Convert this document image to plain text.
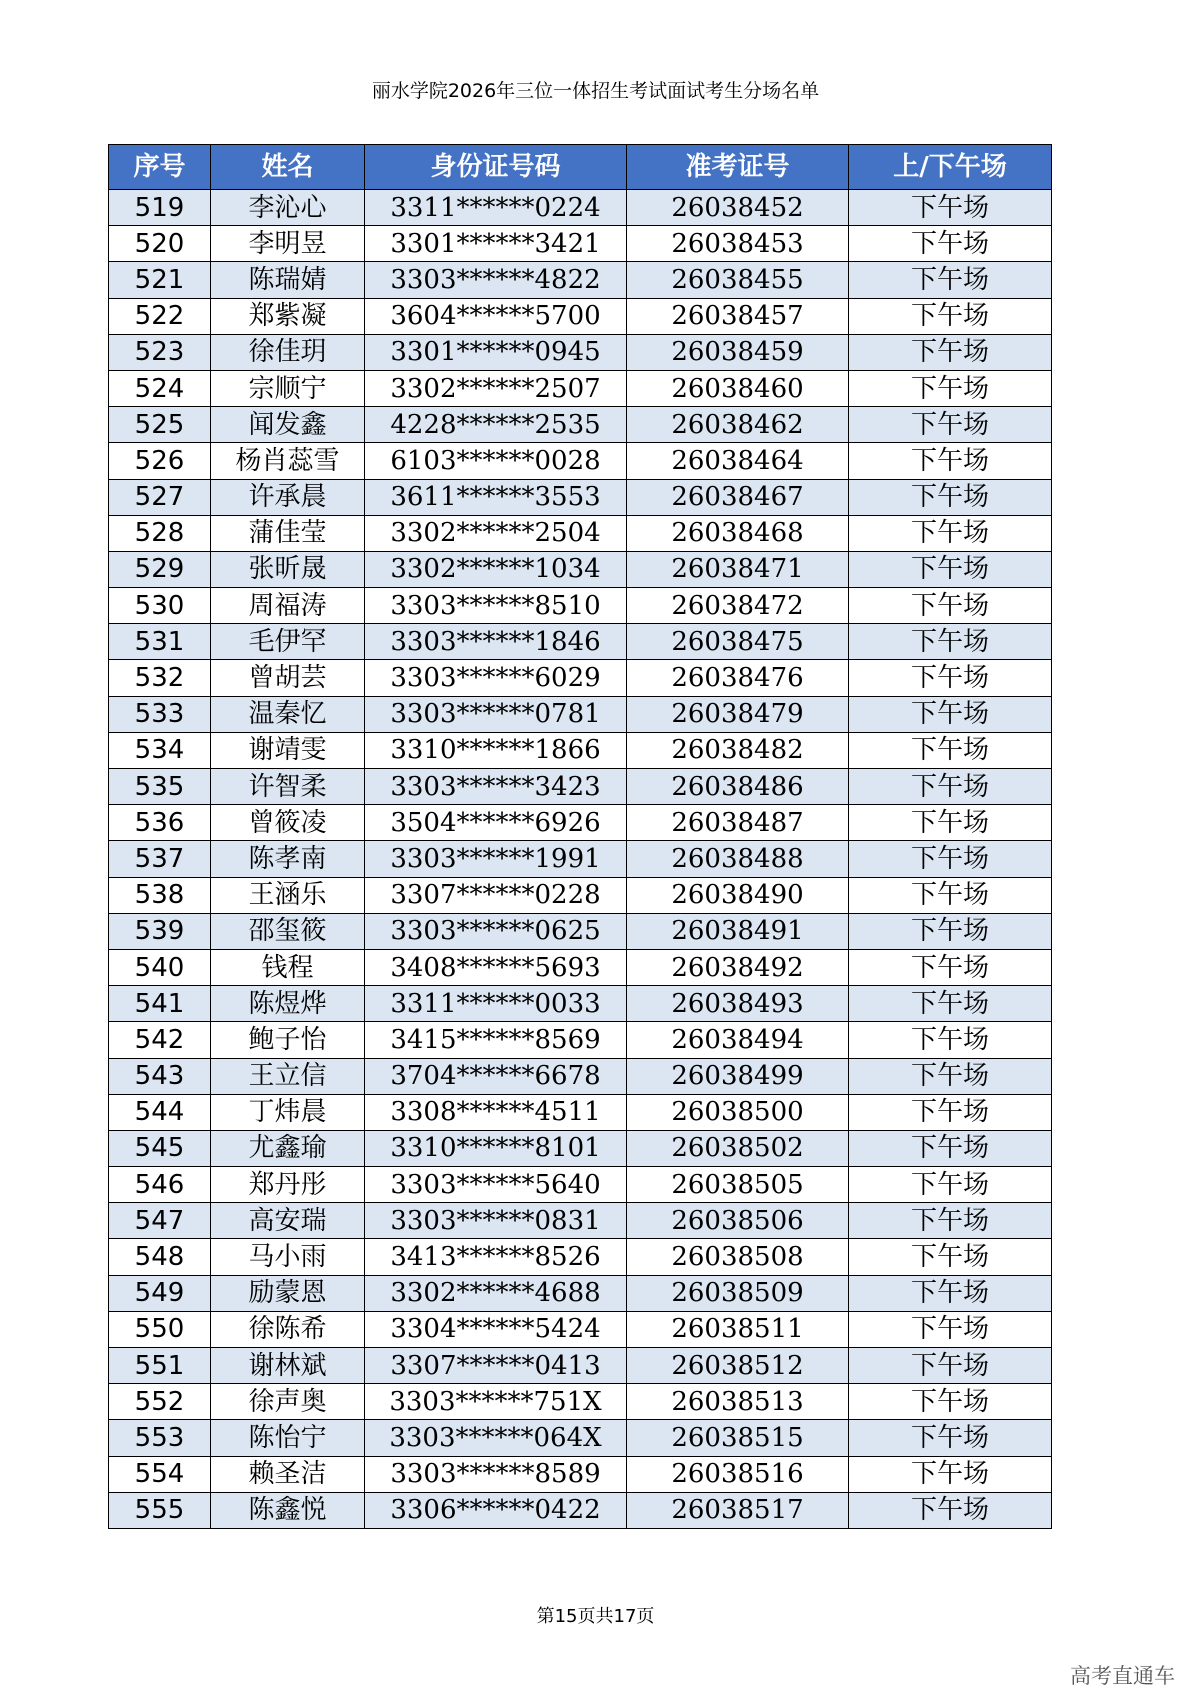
丽水学院2026年三位一体招生考试面试考生分场名单
序号	姓名	身份证号码	准考证号	上/下午场
519	李沁心	3311******0224	26038452	下午场
520	李明昱	3301******3421	26038453	下午场
521	陈瑞婧	3303******4822	26038455	下午场
522	郑紫凝	3604******5700	26038457	下午场
523	徐佳玥	3301******0945	26038459	下午场
524	宗顺宁	3302******2507	26038460	下午场
525	闻发鑫	4228******2535	26038462	下午场
526	杨肖蕊雪	6103******0028	26038464	下午场
527	许承晨	3611******3553	26038467	下午场
528	蒲佳莹	3302******2504	26038468	下午场
529	张昕晟	3302******1034	26038471	下午场
530	周福涛	3303******8510	26038472	下午场
531	毛伊罕	3303******1846	26038475	下午场
532	曾胡芸	3303******6029	26038476	下午场
533	温秦忆	3303******0781	26038479	下午场
534	谢靖雯	3310******1866	26038482	下午场
535	许智柔	3303******3423	26038486	下午场
536	曾筱凌	3504******6926	26038487	下午场
537	陈孝南	3303******1991	26038488	下午场
538	王涵乐	3307******0228	26038490	下午场
539	邵玺筱	3303******0625	26038491	下午场
540	钱程	3408******5693	26038492	下午场
541	陈煜烨	3311******0033	26038493	下午场
542	鲍子怡	3415******8569	26038494	下午场
543	王立信	3704******6678	26038499	下午场
544	丁炜晨	3308******4511	26038500	下午场
545	尤鑫瑜	3310******8101	26038502	下午场
546	郑丹彤	3303******5640	26038505	下午场
547	高安瑞	3303******0831	26038506	下午场
548	马小雨	3413******8526	26038508	下午场
549	励蒙恩	3302******4688	26038509	下午场
550	徐陈希	3304******5424	26038511	下午场
551	谢林斌	3307******0413	26038512	下午场
552	徐声奥	3303******751X	26038513	下午场
553	陈怡宁	3303******064X	26038515	下午场
554	赖圣洁	3303******8589	26038516	下午场
555	陈鑫悦	3306******0422	26038517	下午场
第15页共17页
高考直通车
